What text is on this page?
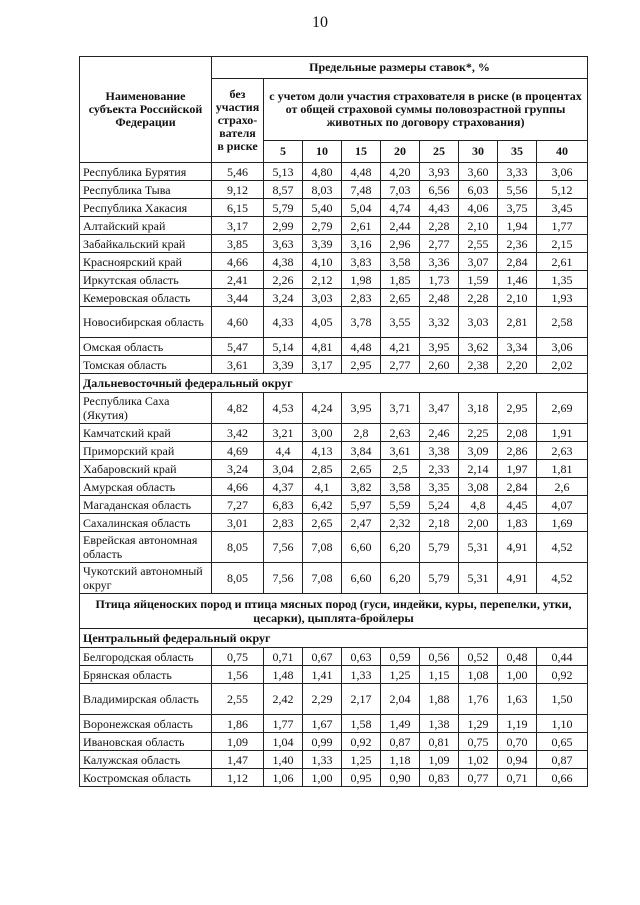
10
Наименование субъекта Российской Федерации	Предельные размеры ставок*, %								
	без участия страхо-вателя в риске	с учетом доли участия страхователя в риске (в процентах от общей страховой суммы половозрастной группы животных по договору страхования)							
		5	10	15	20	25	30	35	40
Республика Бурятия	5,46	5,13	4,80	4,48	4,20	3,93	3,60	3,33	3,06
Республика Тыва	9,12	8,57	8,03	7,48	7,03	6,56	6,03	5,56	5,12
Республика Хакасия	6,15	5,79	5,40	5,04	4,74	4,43	4,06	3,75	3,45
Алтайский край	3,17	2,99	2,79	2,61	2,44	2,28	2,10	1,94	1,77
Забайкальский край	3,85	3,63	3,39	3,16	2,96	2,77	2,55	2,36	2,15
Красноярский край	4,66	4,38	4,10	3,83	3,58	3,36	3,07	2,84	2,61
Иркутская область	2,41	2,26	2,12	1,98	1,85	1,73	1,59	1,46	1,35
Кемеровская область	3,44	3,24	3,03	2,83	2,65	2,48	2,28	2,10	1,93
Новосибирская область	4,60	4,33	4,05	3,78	3,55	3,32	3,03	2,81	2,58
Омская область	5,47	5,14	4,81	4,48	4,21	3,95	3,62	3,34	3,06
Томская область	3,61	3,39	3,17	2,95	2,77	2,60	2,38	2,20	2,02
Дальневосточный федеральный округ									
Республика Саха (Якутия)	4,82	4,53	4,24	3,95	3,71	3,47	3,18	2,95	2,69
Камчатский край	3,42	3,21	3,00	2,8	2,63	2,46	2,25	2,08	1,91
Приморский край	4,69	4,4	4,13	3,84	3,61	3,38	3,09	2,86	2,63
Хабаровский край	3,24	3,04	2,85	2,65	2,5	2,33	2,14	1,97	1,81
Амурская область	4,66	4,37	4,1	3,82	3,58	3,35	3,08	2,84	2,6
Магаданская область	7,27	6,83	6,42	5,97	5,59	5,24	4,8	4,45	4,07
Сахалинская область	3,01	2,83	2,65	2,47	2,32	2,18	2,00	1,83	1,69
Еврейская автономная область	8,05	7,56	7,08	6,60	6,20	5,79	5,31	4,91	4,52
Чукотский автономный округ	8,05	7,56	7,08	6,60	6,20	5,79	5,31	4,91	4,52
Птица яйценоских пород и птица мясных пород (гуси, индейки, куры, перепелки, утки, цесарки), цыплята-бройлеры									
Центральный федеральный округ									
Белгородская область	0,75	0,71	0,67	0,63	0,59	0,56	0,52	0,48	0,44
Брянская область	1,56	1,48	1,41	1,33	1,25	1,15	1,08	1,00	0,92
Владимирская область	2,55	2,42	2,29	2,17	2,04	1,88	1,76	1,63	1,50
Воронежская область	1,86	1,77	1,67	1,58	1,49	1,38	1,29	1,19	1,10
Ивановская область	1,09	1,04	0,99	0,92	0,87	0,81	0,75	0,70	0,65
Калужская область	1,47	1,40	1,33	1,25	1,18	1,09	1,02	0,94	0,87
Костромская область	1,12	1,06	1,00	0,95	0,90	0,83	0,77	0,71	0,66
